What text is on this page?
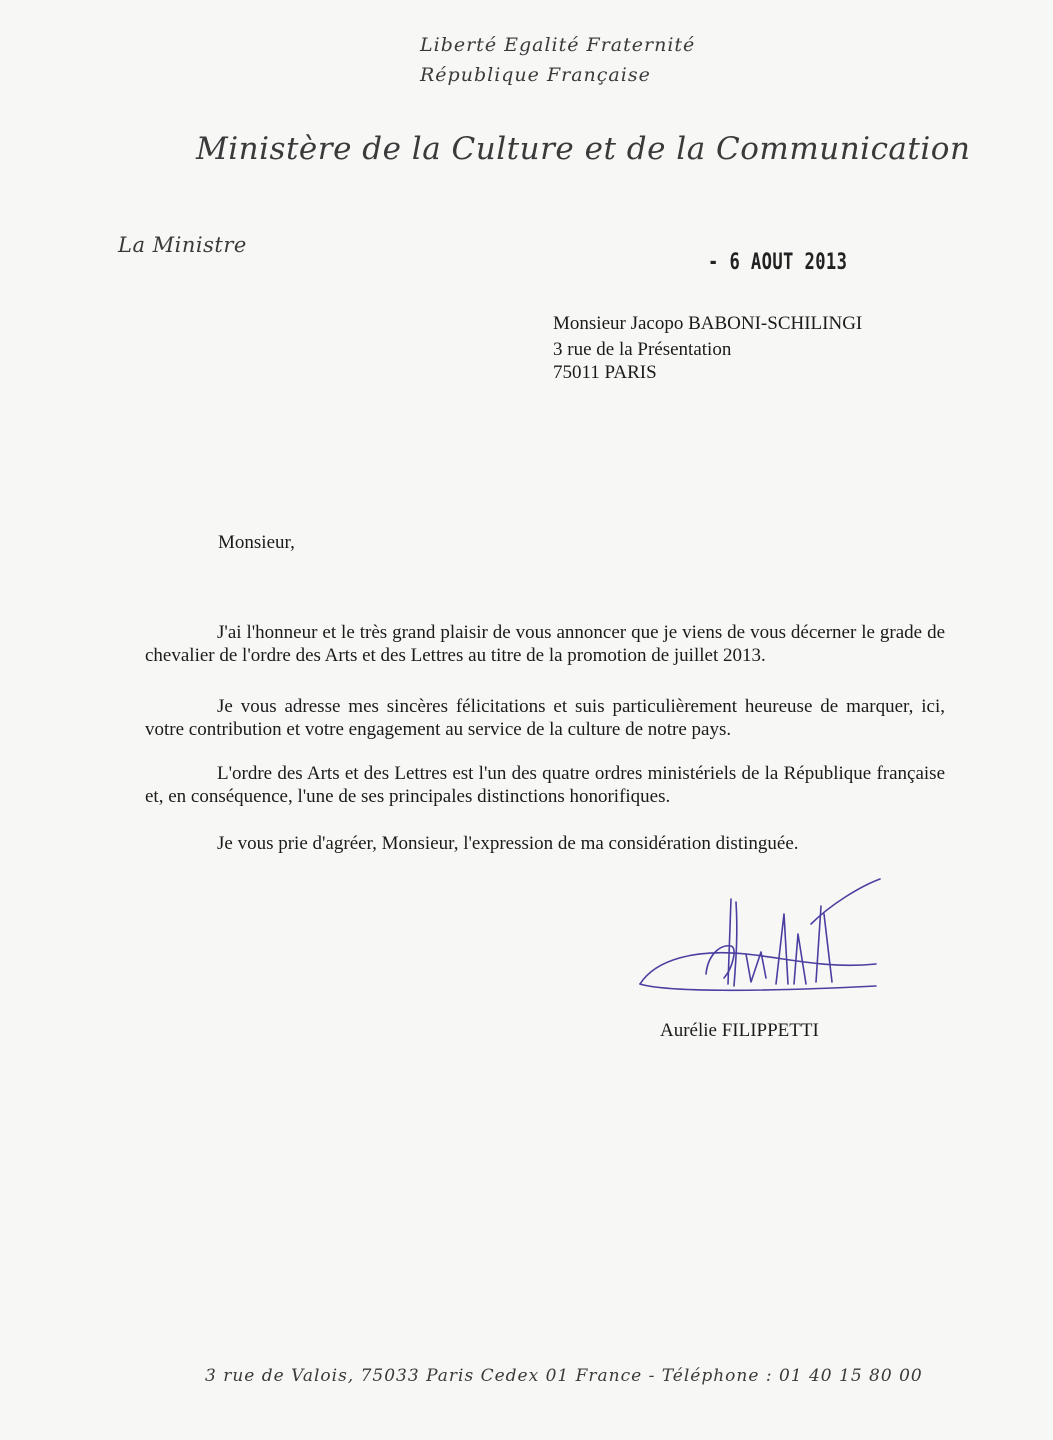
Liberté Egalité Fraternité
République Française
Ministère de la Culture et de la Communication
La Ministre
- 6 AOUT 2013
Monsieur Jacopo BABONI-SCHILINGI
3 rue de la Présentation
75011 PARIS
Monsieur,

J'ai l'honneur et le très grand plaisir de vous annoncer que je viens de vous décerner le grade de chevalier de l'ordre des Arts et des Lettres au titre de la promotion de juillet 2013.

Je vous adresse mes sincères félicitations et suis particulièrement heureuse de marquer, ici, votre contribution et votre engagement au service de la culture de notre pays.

L'ordre des Arts et des Lettres est l'un des quatre ordres ministériels de la République française et, en conséquence, l'une de ses principales distinctions honorifiques.

Je vous prie d'agréer, Monsieur, l'expression de ma considération distinguée.

Aurélie FILIPPETTI
3 rue de Valois, 75033 Paris Cedex 01 France - Téléphone : 01 40 15 80 00
